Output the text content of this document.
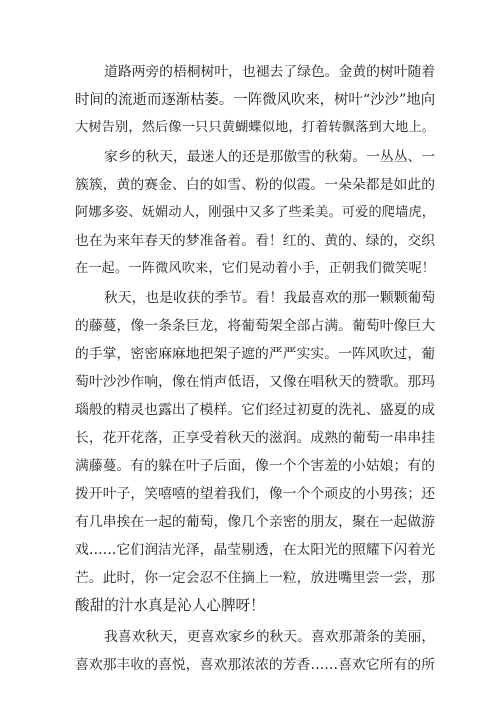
道路两旁的梧桐树叶，也褪去了绿色。金黄的树叶随着
时间的流逝而逐渐枯萎。一阵微风吹来，树叶“沙沙”地向
大树告别，然后像一只只黄蝴蝶似地，打着转飘落到大地上。
家乡的秋天，最迷人的还是那傲雪的秋菊。一丛丛、一
簇簇，黄的赛金、白的如雪、粉的似霞。一朵朵都是如此的
阿娜多姿、妩媚动人，刚强中又多了些柔美。可爱的爬墙虎，
也在为来年春天的梦准备着。看！红的、黄的、绿的，交织
在一起。一阵微风吹来，它们晃动着小手，正朝我们微笑呢！
秋天，也是收获的季节。看！我最喜欢的那一颗颗葡萄
的藤蔓，像一条条巨龙，将葡萄架全部占满。葡萄叶像巨大
的手掌，密密麻麻地把架子遮的严严实实。一阵风吹过，葡
萄叶沙沙作响，像在悄声低语，又像在唱秋天的赞歌。那玛
瑙般的精灵也露出了模样。它们经过初夏的洗礼、盛夏的成
长，花开花落，正享受着秋天的滋润。成熟的葡萄一串串挂
满藤蔓。有的躲在叶子后面，像一个个害羞的小姑娘；有的
拨开叶子，笑嘻嘻的望着我们，像一个个顽皮的小男孩；还
有几串挨在一起的葡萄，像几个亲密的朋友，聚在一起做游
戏……它们润洁光泽，晶莹剔透，在太阳光的照耀下闪着光
芒。此时，你一定会忍不住摘上一粒，放进嘴里尝一尝，那
酸甜的汁水真是沁人心脾呀！
我喜欢秋天，更喜欢家乡的秋天。喜欢那萧条的美丽，
喜欢那丰收的喜悦，喜欢那浓浓的芳香……喜欢它所有的所
